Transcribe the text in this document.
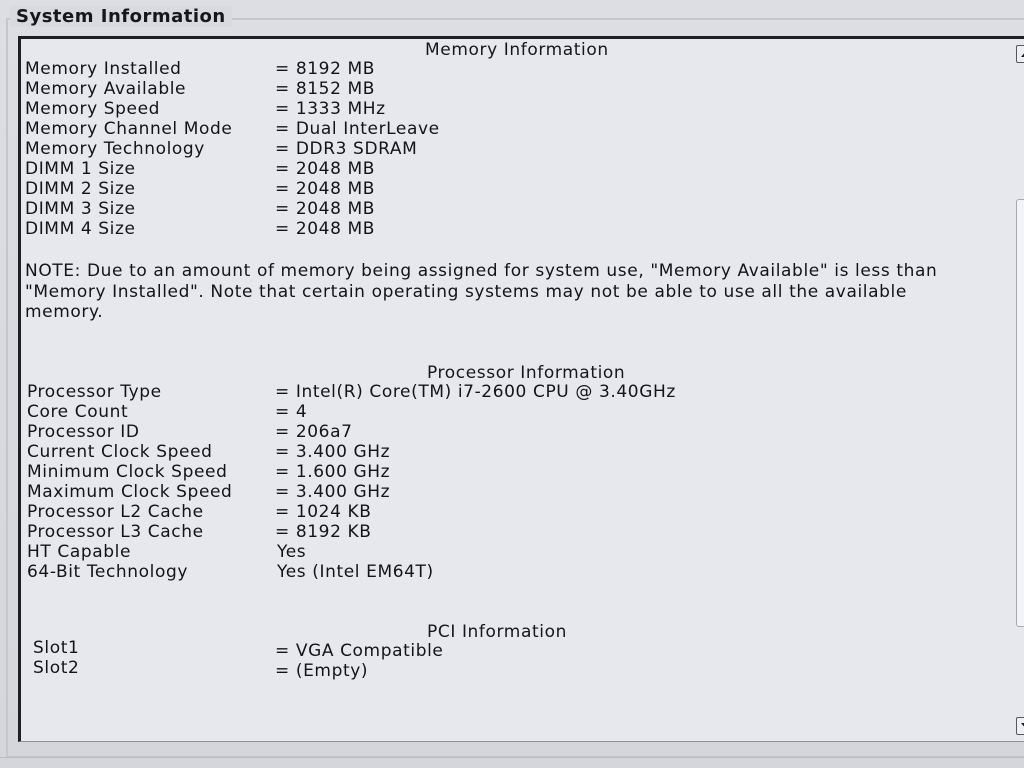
System Information
Memory Information
Memory Installed	= 8192 MB
Memory Available	= 8152 MB
Memory Speed	= 1333 MHz
Memory Channel Mode	= Dual InterLeave
Memory Technology	= DDR3 SDRAM
DIMM 1 Size	= 2048 MB
DIMM 2 Size	= 2048 MB
DIMM 3 Size	= 2048 MB
DIMM 4 Size	= 2048 MB
NOTE: Due to an amount of memory being assigned for system use, "Memory Available" is less than "Memory Installed". Note that certain operating systems may not be able to use all the available memory.
Processor Information
Processor Type	= Intel(R) Core(TM) i7-2600 CPU @ 3.40GHz
Core Count	= 4
Processor ID	= 206a7
Current Clock Speed	= 3.400 GHz
Minimum Clock Speed	= 1.600 GHz
Maximum Clock Speed	= 3.400 GHz
Processor L2 Cache	= 1024 KB
Processor L3 Cache	= 8192 KB
HT Capable	Yes
64-Bit Technology	Yes (Intel EM64T)
PCI Information
Slot1	= VGA Compatible
Slot2	= (Empty)
